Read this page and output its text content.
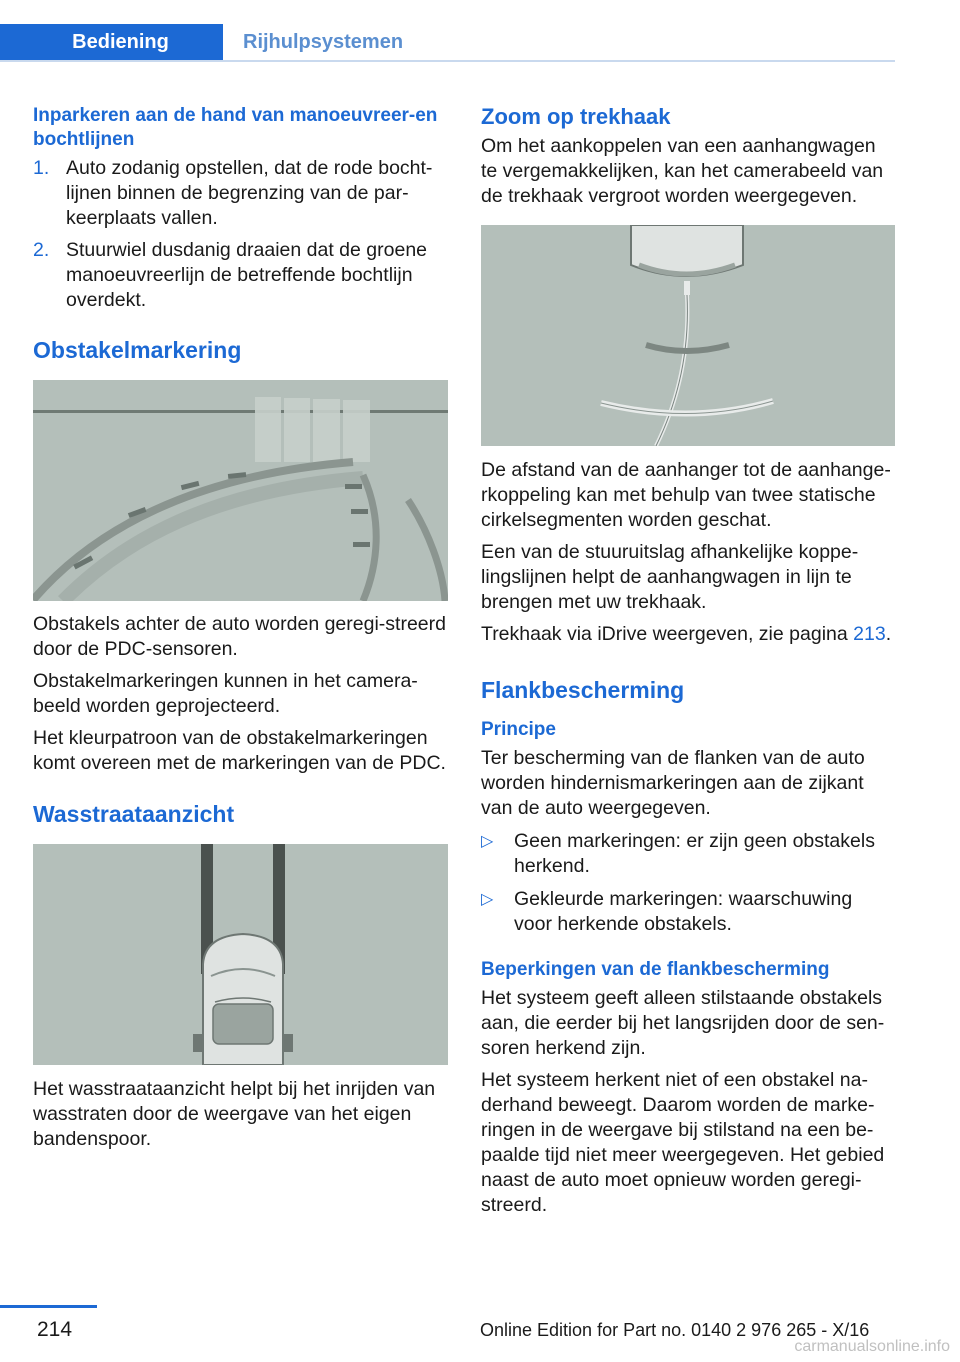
Bediening	Rijhulpsystemen
Inparkeren aan de hand van manoeuvreer-en bochtlijnen
1. Auto zodanig opstellen, dat de rode bocht-lijnen binnen de begrenzing van de par-keerplaats vallen.
2. Stuurwiel dusdanig draaien dat de groene manoeuvreerlijn de betreffende bochtlijn overdekt.
Obstakelmarkering

Obstakels achter de auto worden geregi-streerd door de PDC-sensoren.

Obstakelmarkeringen kunnen in het camera-beeld worden geprojecteerd.

Het kleurpatroon van de obstakelmarkeringen komt overeen met de markeringen van de PDC.

Wasstraataanzicht

Het wasstraataanzicht helpt bij het inrijden van wasstraten door de weergave van het eigen bandenspoor.

Zoom op trekhaak

Om het aankoppelen van een aanhangwagen te vergemakkelijken, kan het camerabeeld van de trekhaak vergroot worden weergegeven.

De afstand van de aanhanger tot de aanhange-rkoppeling kan met behulp van twee statische cirkelsegmenten worden geschat.

Een van de stuuruitslag afhankelijke koppe-lingslijnen helpt de aanhangwagen in lijn te brengen met uw trekhaak.

Trekhaak via iDrive weergeven, zie pagina 213.

Flankbescherming
Principe

Ter bescherming van de flanken van de auto worden hindernismarkeringen aan de zijkant van de auto weergegeven.

▷ Geen markeringen: er zijn geen obstakels herkend.
▷ Gekleurde markeringen: waarschuwing voor herkende obstakels.
Beperkingen van de flankbescherming

Het systeem geeft alleen stilstaande obstakels aan, die eerder bij het langsrijden door de sen-soren herkend zijn.

Het systeem herkent niet of een obstakel na-derhand beweegt. Daarom worden de marke-ringen in de weergave bij stilstand na een be-paalde tijd niet meer weergegeven. Het gebied naast de auto moet opnieuw worden geregi-streerd.

214	Online Edition for Part no. 0140 2 976 265 - X/16
carmanualsonline.info
